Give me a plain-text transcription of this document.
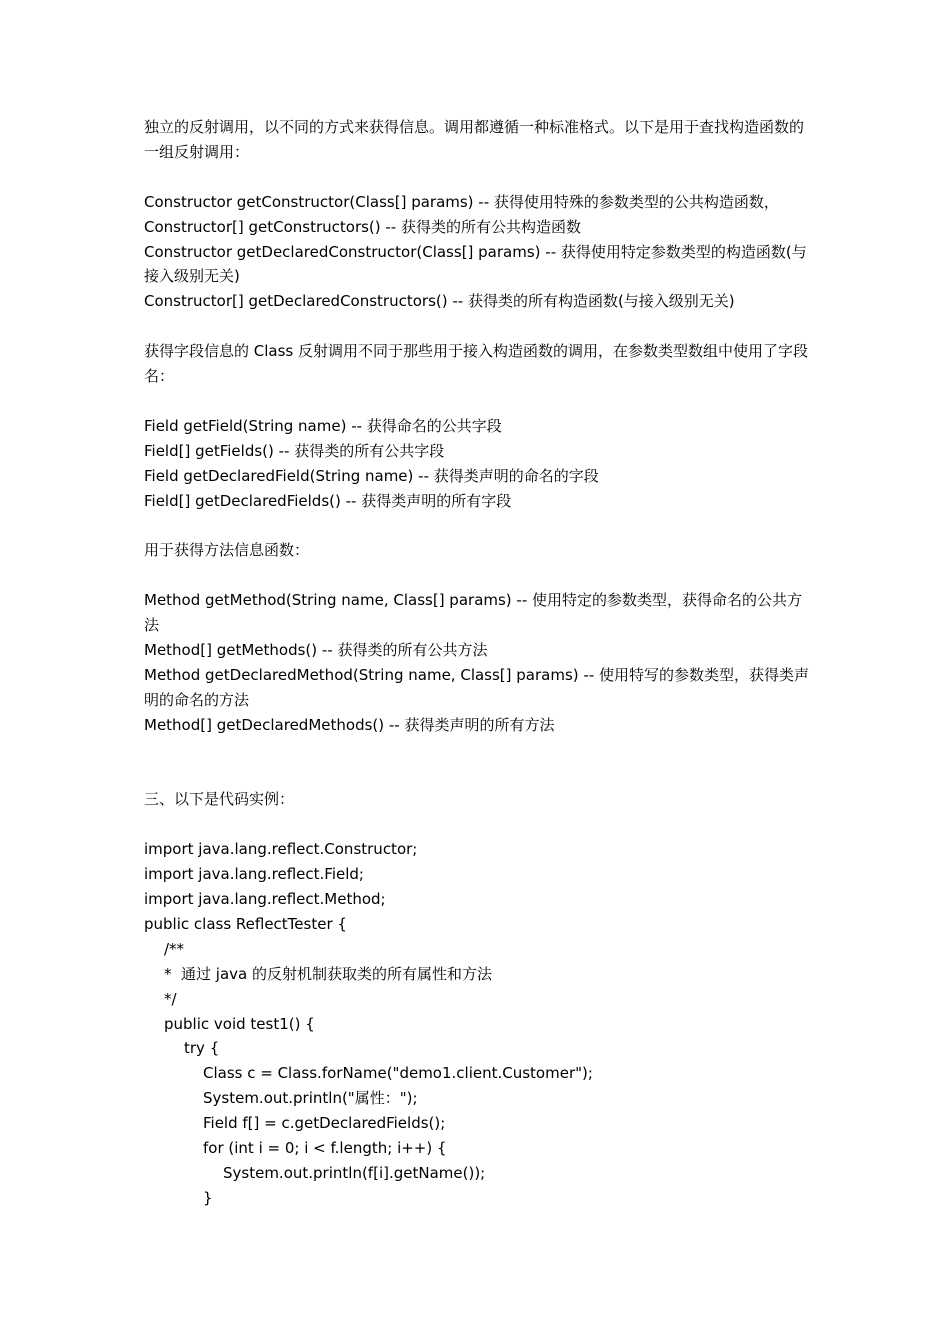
独立的反射调用，以不同的方式来获得信息。调用都遵循一种标准格式。以下是用于查找构造函数的一组反射调用：
Constructor getConstructor(Class[] params) -- 获得使用特殊的参数类型的公共构造函数，
Constructor[] getConstructors() -- 获得类的所有公共构造函数
Constructor getDeclaredConstructor(Class[] params) -- 获得使用特定参数类型的构造函数(与接入级别无关)
Constructor[] getDeclaredConstructors() -- 获得类的所有构造函数(与接入级别无关)
获得字段信息的 Class 反射调用不同于那些用于接入构造函数的调用，在参数类型数组中使用了字段名：
Field getField(String name) -- 获得命名的公共字段
Field[] getFields() -- 获得类的所有公共字段
Field getDeclaredField(String name) -- 获得类声明的命名的字段
Field[] getDeclaredFields() -- 获得类声明的所有字段
用于获得方法信息函数：
Method getMethod(String name, Class[] params) -- 使用特定的参数类型，获得命名的公共方法
Method[] getMethods() -- 获得类的所有公共方法
Method getDeclaredMethod(String name, Class[] params) -- 使用特写的参数类型，获得类声明的命名的方法
Method[] getDeclaredMethods() -- 获得类声明的所有方法
三、以下是代码实例：
import java.lang.reflect.Constructor;
import java.lang.reflect.Field;
import java.lang.reflect.Method;
public class ReflectTester {
/**
*  通过 java 的反射机制获取类的所有属性和方法
*/
public void test1() {
try {
Class c = Class.forName("demo1.client.Customer");
System.out.println("属性：");
Field f[] = c.getDeclaredFields();
for (int i = 0; i < f.length; i++) {
System.out.println(f[i].getName());
}
